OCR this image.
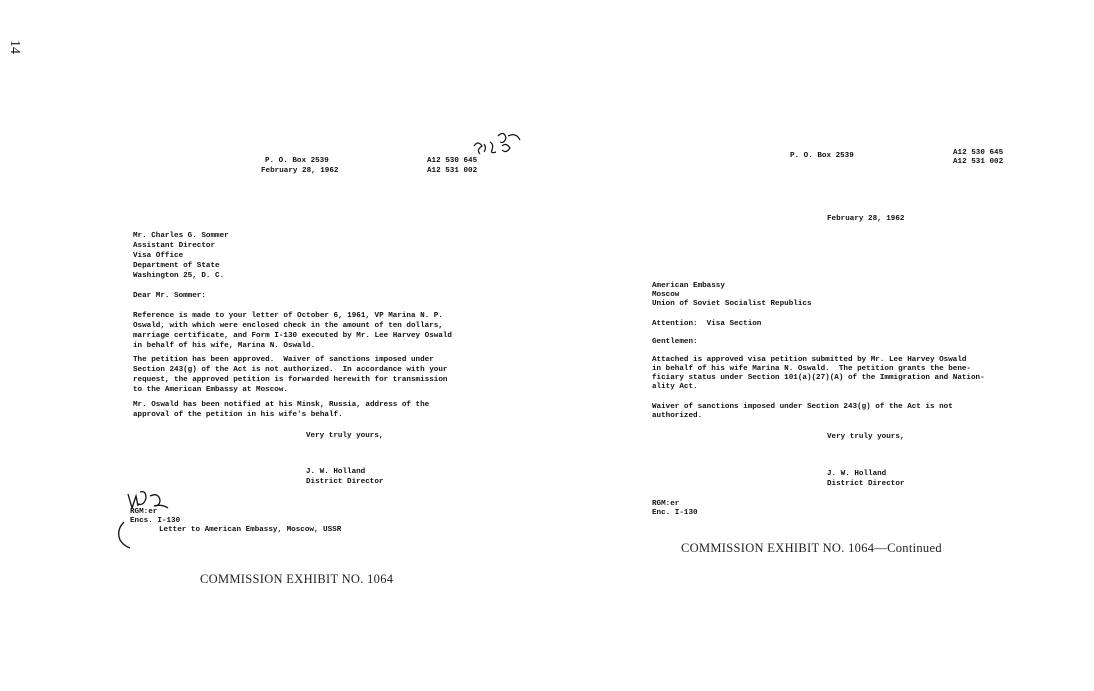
14
P. O. Box 2539
February 28, 1962
A12 530 645
A12 531 002
Mr. Charles G. Sommer
Assistant Director
Visa Office
Department of State
Washington 25, D. C.
Dear Mr. Sommer:
Reference is made to your letter of October 6, 1961, VP Marina N. P.
Oswald, with which were enclosed check in the amount of ten dollars,
marriage certificate, and Form I-130 executed by Mr. Lee Harvey Oswald
in behalf of his wife, Marina N. Oswald.
The petition has been approved.  Waiver of sanctions imposed under
Section 243(g) of the Act is not authorized.  In accordance with your
request, the approved petition is forwarded herewith for transmission
to the American Embassy at Moscow.
Mr. Oswald has been notified at his Minsk, Russia, address of the
approval of the petition in his wife's behalf.
Very truly yours,
J. W. Holland
District Director
RGM:er
Encs. I-130
Letter to American Embassy, Moscow, USSR
COMMISSION EXHIBIT NO. 1064
P. O. Box 2539	A12 530 645
A12 531 002
February 28, 1962
American Embassy
Moscow
Union of Soviet Socialist Republics
Attention:  Visa Section
Gentlemen:
Attached is approved visa petition submitted by Mr. Lee Harvey Oswald
in behalf of his wife Marina N. Oswald.  The petition grants the bene-
ficiary status under Section 101(a)(27)(A) of the Immigration and Nation-
ality Act.
Waiver of sanctions imposed under Section 243(g) of the Act is not
authorized.
Very truly yours,
J. W. Holland
District Director
RGM:er
Enc. I-130
COMMISSION EXHIBIT NO. 1064—Continued
